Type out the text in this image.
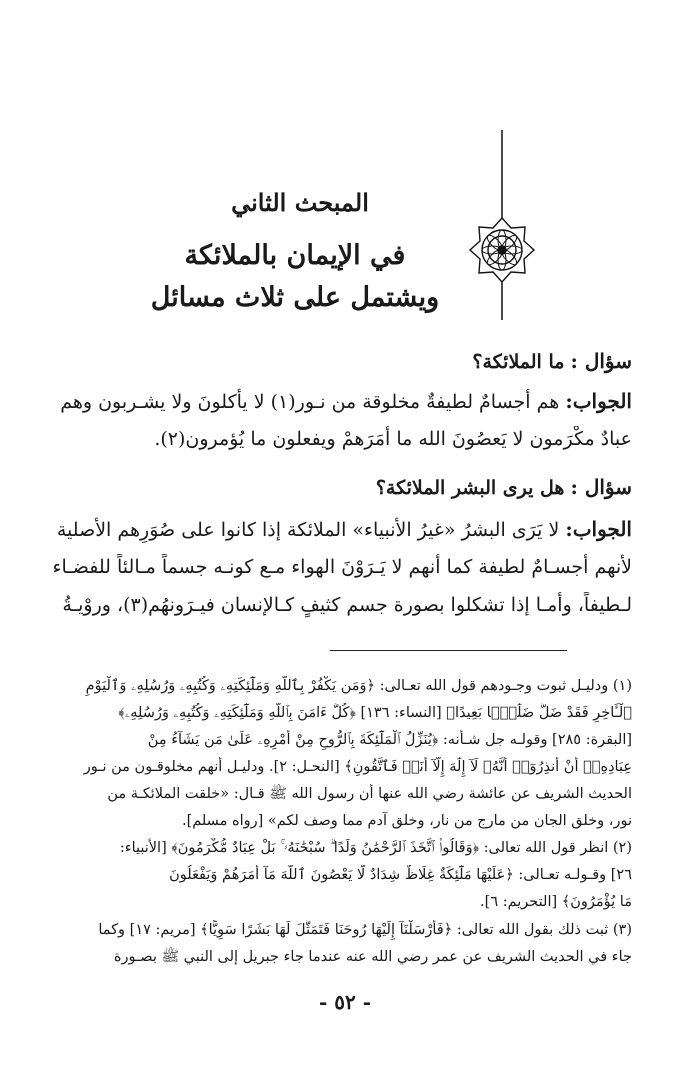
المبحث الثاني
في الإيمان بالملائكة
ويشتمل على ثلاث مسائل
سؤال : ما الملائكة؟
الجواب: هم أجسامٌ لطيفةٌ مخلوقة من نـور(١) لا يأكلونَ ولا يشـربون وهم
عبادٌ مكْرَمون لا يَعصُونَ الله ما أمَرَهمْ ويفعلون ما يُؤمرون(٢).
سؤال : هل يرى البشر الملائكة؟
الجواب: لا يَرَى البشرُ «غيرُ الأنبياء» الملائكة إذا كانوا على صُوَرِهم الأصلية
لأنهم أجسـامٌ لطيفة كما أنهم لا يَـرَوْنَ الهواء مـع كونـه جسماً مـالئاً للفضـاء
لـطيفاً، وأمـا إذا تشكلوا بصورة جسم كثيفٍ كـالإنسان فيـرَونهُم(٣)، وروْيـةُ
(١) ودليـل ثبوت وجـودهم قول الله تعـالى: ﴿وَمَن يَكْفُرْ بِٱللَّهِ وَمَلَٰٓئِكَتِهِۦ وَكُتُبِهِۦ وَرُسُلِهِۦ وَٱلْيَوْمِ
ٱلْـَٔاخِرِ فَقَدْ ضَلَّ ضَلَٰلًۢا بَعِيدًا﴾ [النساء: ١٣٦] ﴿كُلٌّ ءَامَنَ بِٱللَّهِ وَمَلَٰٓئِكَتِهِۦ وَكُتُبِهِۦ وَرُسُلِهِۦ﴾
[البقرة: ٢٨٥] وقولـه جل شـأنه: ﴿يُنَزِّلُ ٱلْمَلَٰٓئِكَةَ بِٱلرُّوحِ مِنْ أَمْرِهِۦ عَلَىٰ مَن يَشَآءُ مِنْ
عِبَادِهِۦٓ أَنْ أَنذِرُوٓا۟ أَنَّهُۥ لَآ إِلَٰهَ إِلَّآ أَنَا۠ فَٱتَّقُونِ﴾ [النحـل: ٢]. ودليـل أنهم مخلوقـون من نـور
الحديث الشريف عن عائشة رضي الله عنها أن رسول الله ﷺ قـال: «خلقت الملائكـة من
نور، وخلق الجان من مارج من نار، وخلق آدم مما وصف لكم» [رواه مسلم].
(٢) انظر قول الله تعالى: ﴿وَقَالُوا۟ ٱتَّخَذَ ٱلرَّحْمَٰنُ وَلَدًا ۗ سُبْحَٰنَهُۥ ۚ بَلْ عِبَادٌ مُّكْرَمُونَ﴾ [الأنبياء:
٢٦] وقـولـه تعـالى: ﴿عَلَيْهَا مَلَٰٓئِكَةٌ غِلَاظٌ شِدَادٌ لَّا يَعْصُونَ ٱللَّهَ مَآ أَمَرَهُمْ وَيَفْعَلُونَ
مَا يُؤْمَرُونَ﴾ [التحريم: ٦].
(٣) ثبت ذلك بقول الله تعالى: ﴿فَأَرْسَلْنَآ إِلَيْهَا رُوحَنَا فَتَمَثَّلَ لَهَا بَشَرًا سَوِيًّا﴾ [مريم: ١٧] وكما
جاء في الحديث الشريف عن عمر رضي الله عنه عندما جاء جبريل إلى النبي ﷺ بصـورة
- ٥٢ -
